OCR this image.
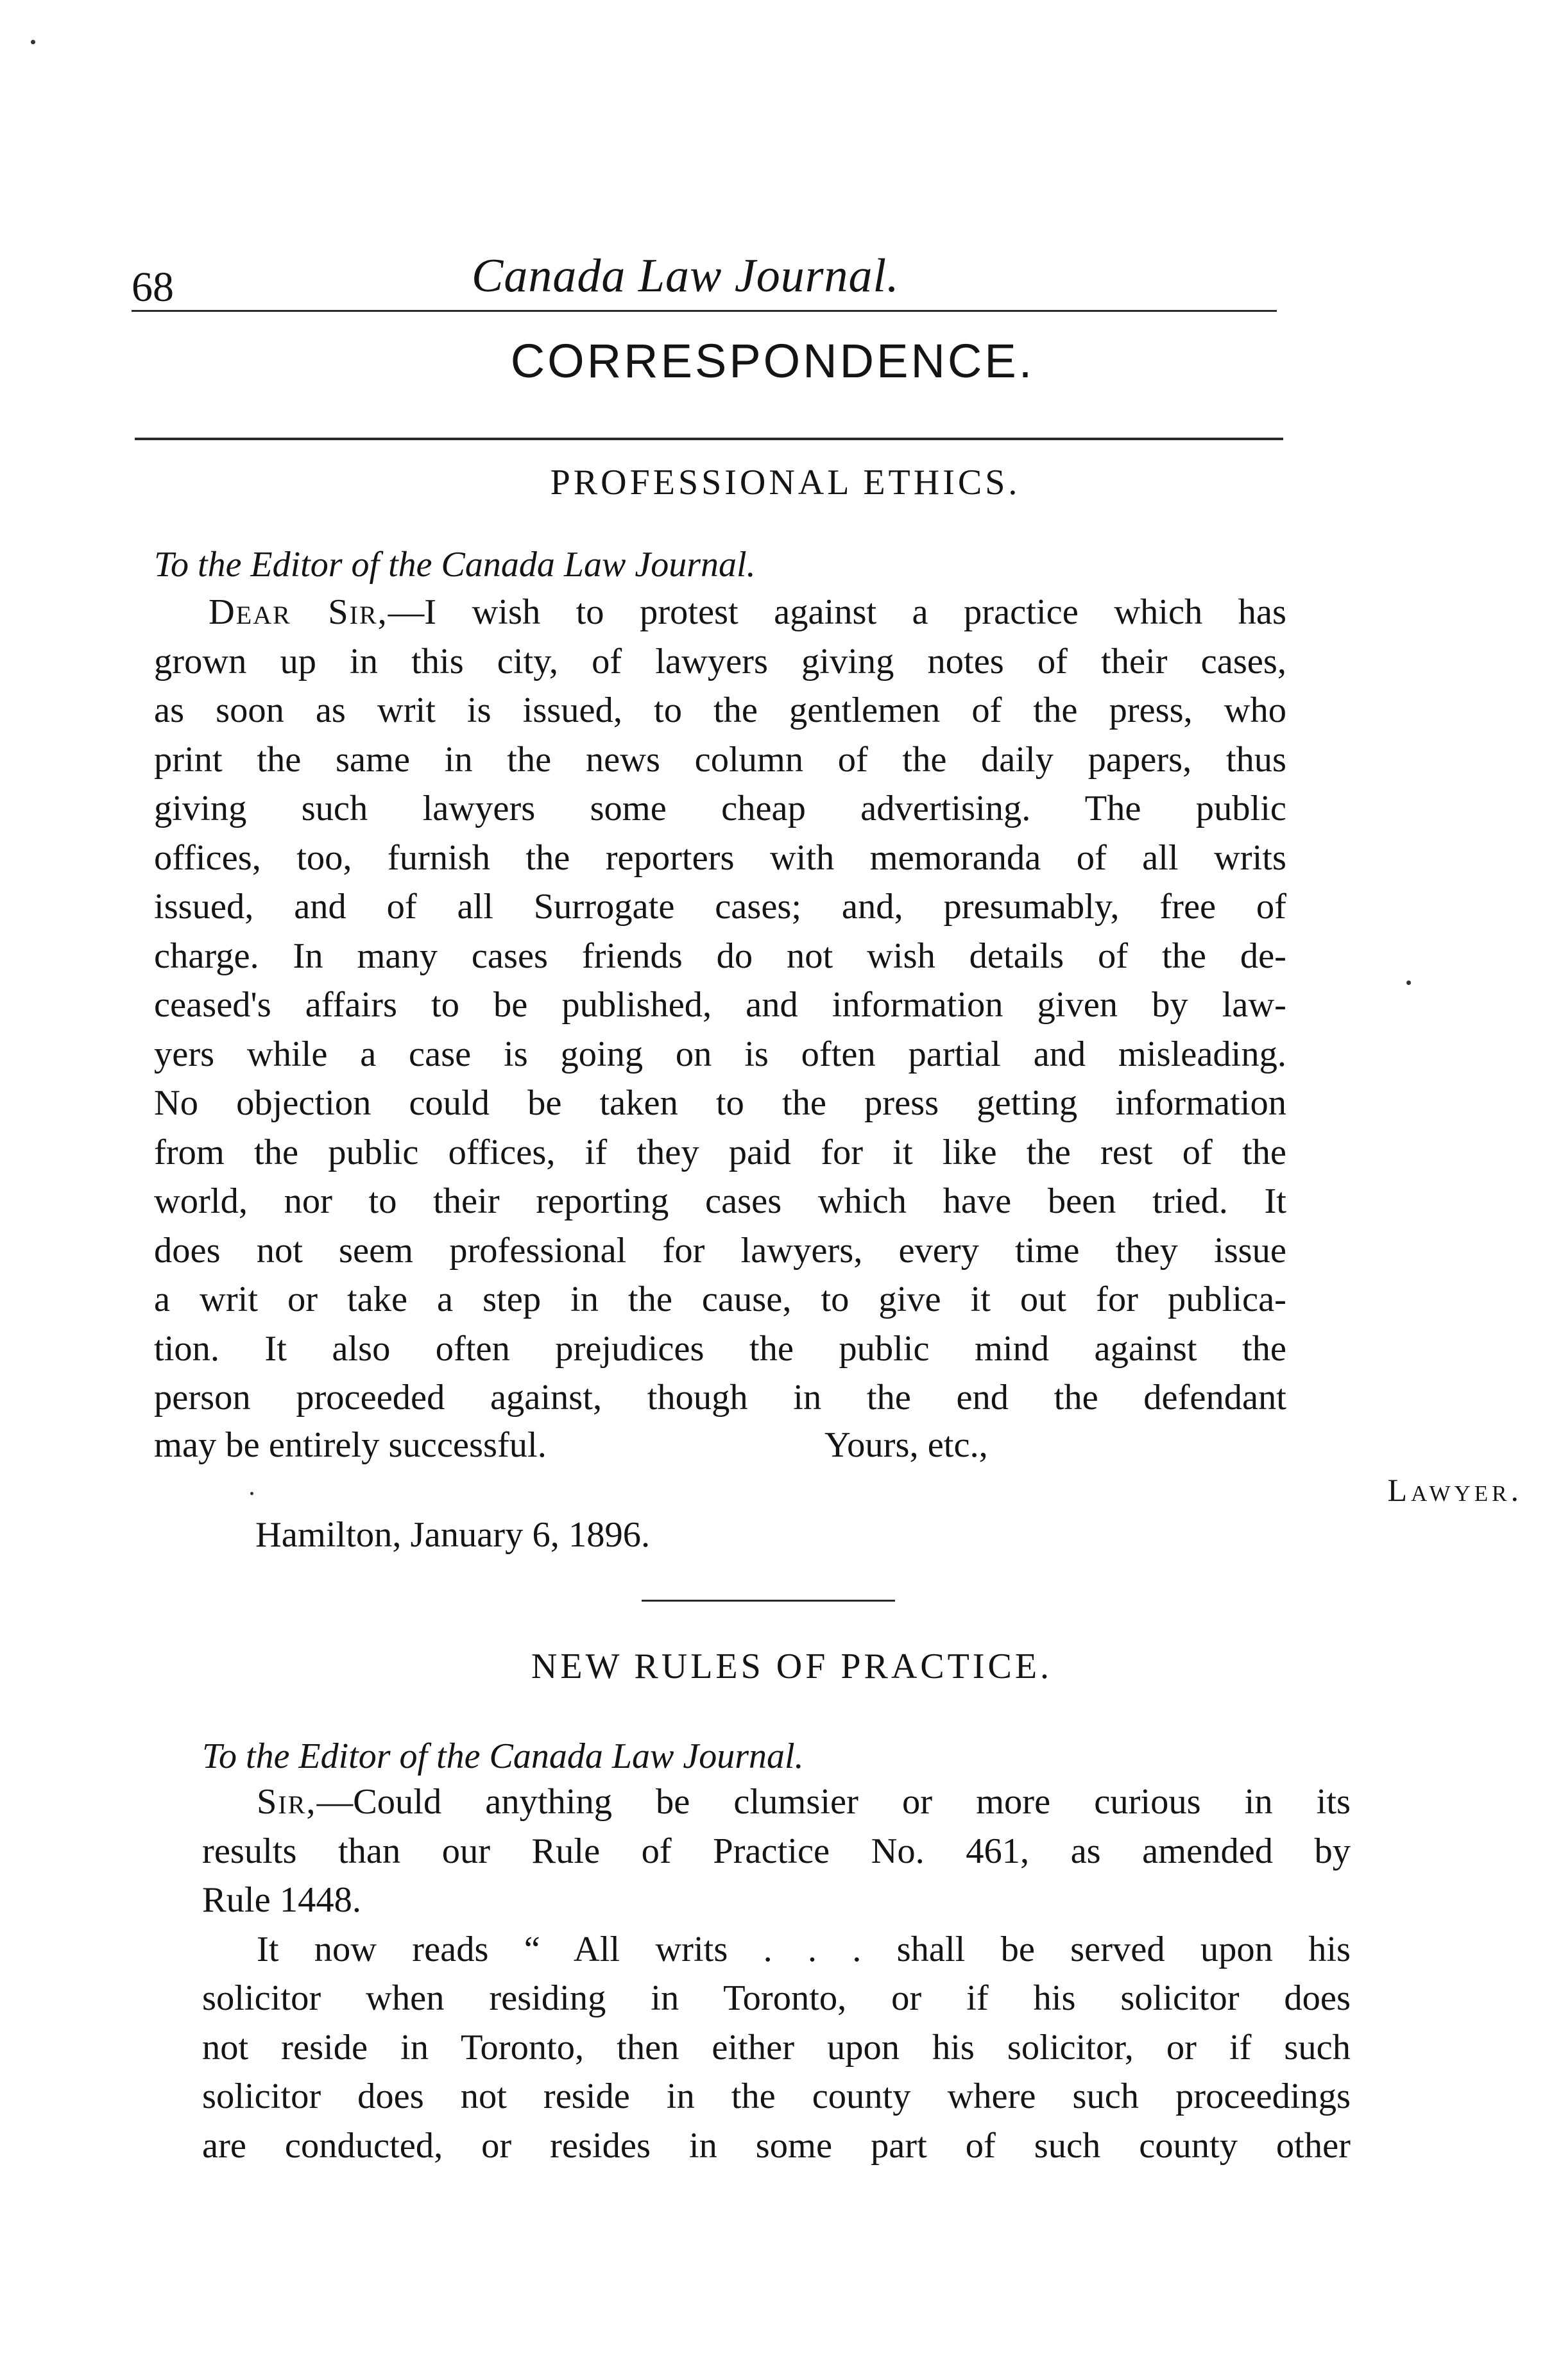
68	Canada Law Journal.
CORRESPONDENCE.
PROFESSIONAL ETHICS.
To the Editor of the Canada Law Journal.

Dear Sir,—I wish to protest against a practice which has

grown up in this city, of lawyers giving notes of their cases,

as soon as writ is issued, to the gentlemen of the press, who

print the same in the news column of the daily papers, thus

giving such lawyers some cheap advertising. The public

offices, too, furnish the reporters with memoranda of all writs

issued, and of all Surrogate cases; and, presumably, free of

charge. In many cases friends do not wish details of the de-

ceased's affairs to be published, and information given by law-

yers while a case is going on is often partial and misleading.

No objection could be taken to the press getting information

from the public offices, if they paid for it like the rest of the

world, nor to their reporting cases which have been tried. It

does not seem professional for lawyers, every time they issue

a writ or take a step in the cause, to give it out for publica-

tion. It also often prejudices the public mind against the

person proceeded against, though in the end the defendant

may be entirely successful.	Yours, etc.,
Lawyer.
Hamilton, January 6, 1896.
NEW RULES OF PRACTICE.
To the Editor of the Canada Law Journal.

Sir,—Could anything be clumsier or more curious in its

results than our Rule of Practice No. 461, as amended by

Rule 1448.

It now reads “ All writs . . . shall be served upon his

solicitor when residing in Toronto, or if his solicitor does

not reside in Toronto, then either upon his solicitor, or if such

solicitor does not reside in the county where such proceedings

are conducted, or resides in some part of such county other
